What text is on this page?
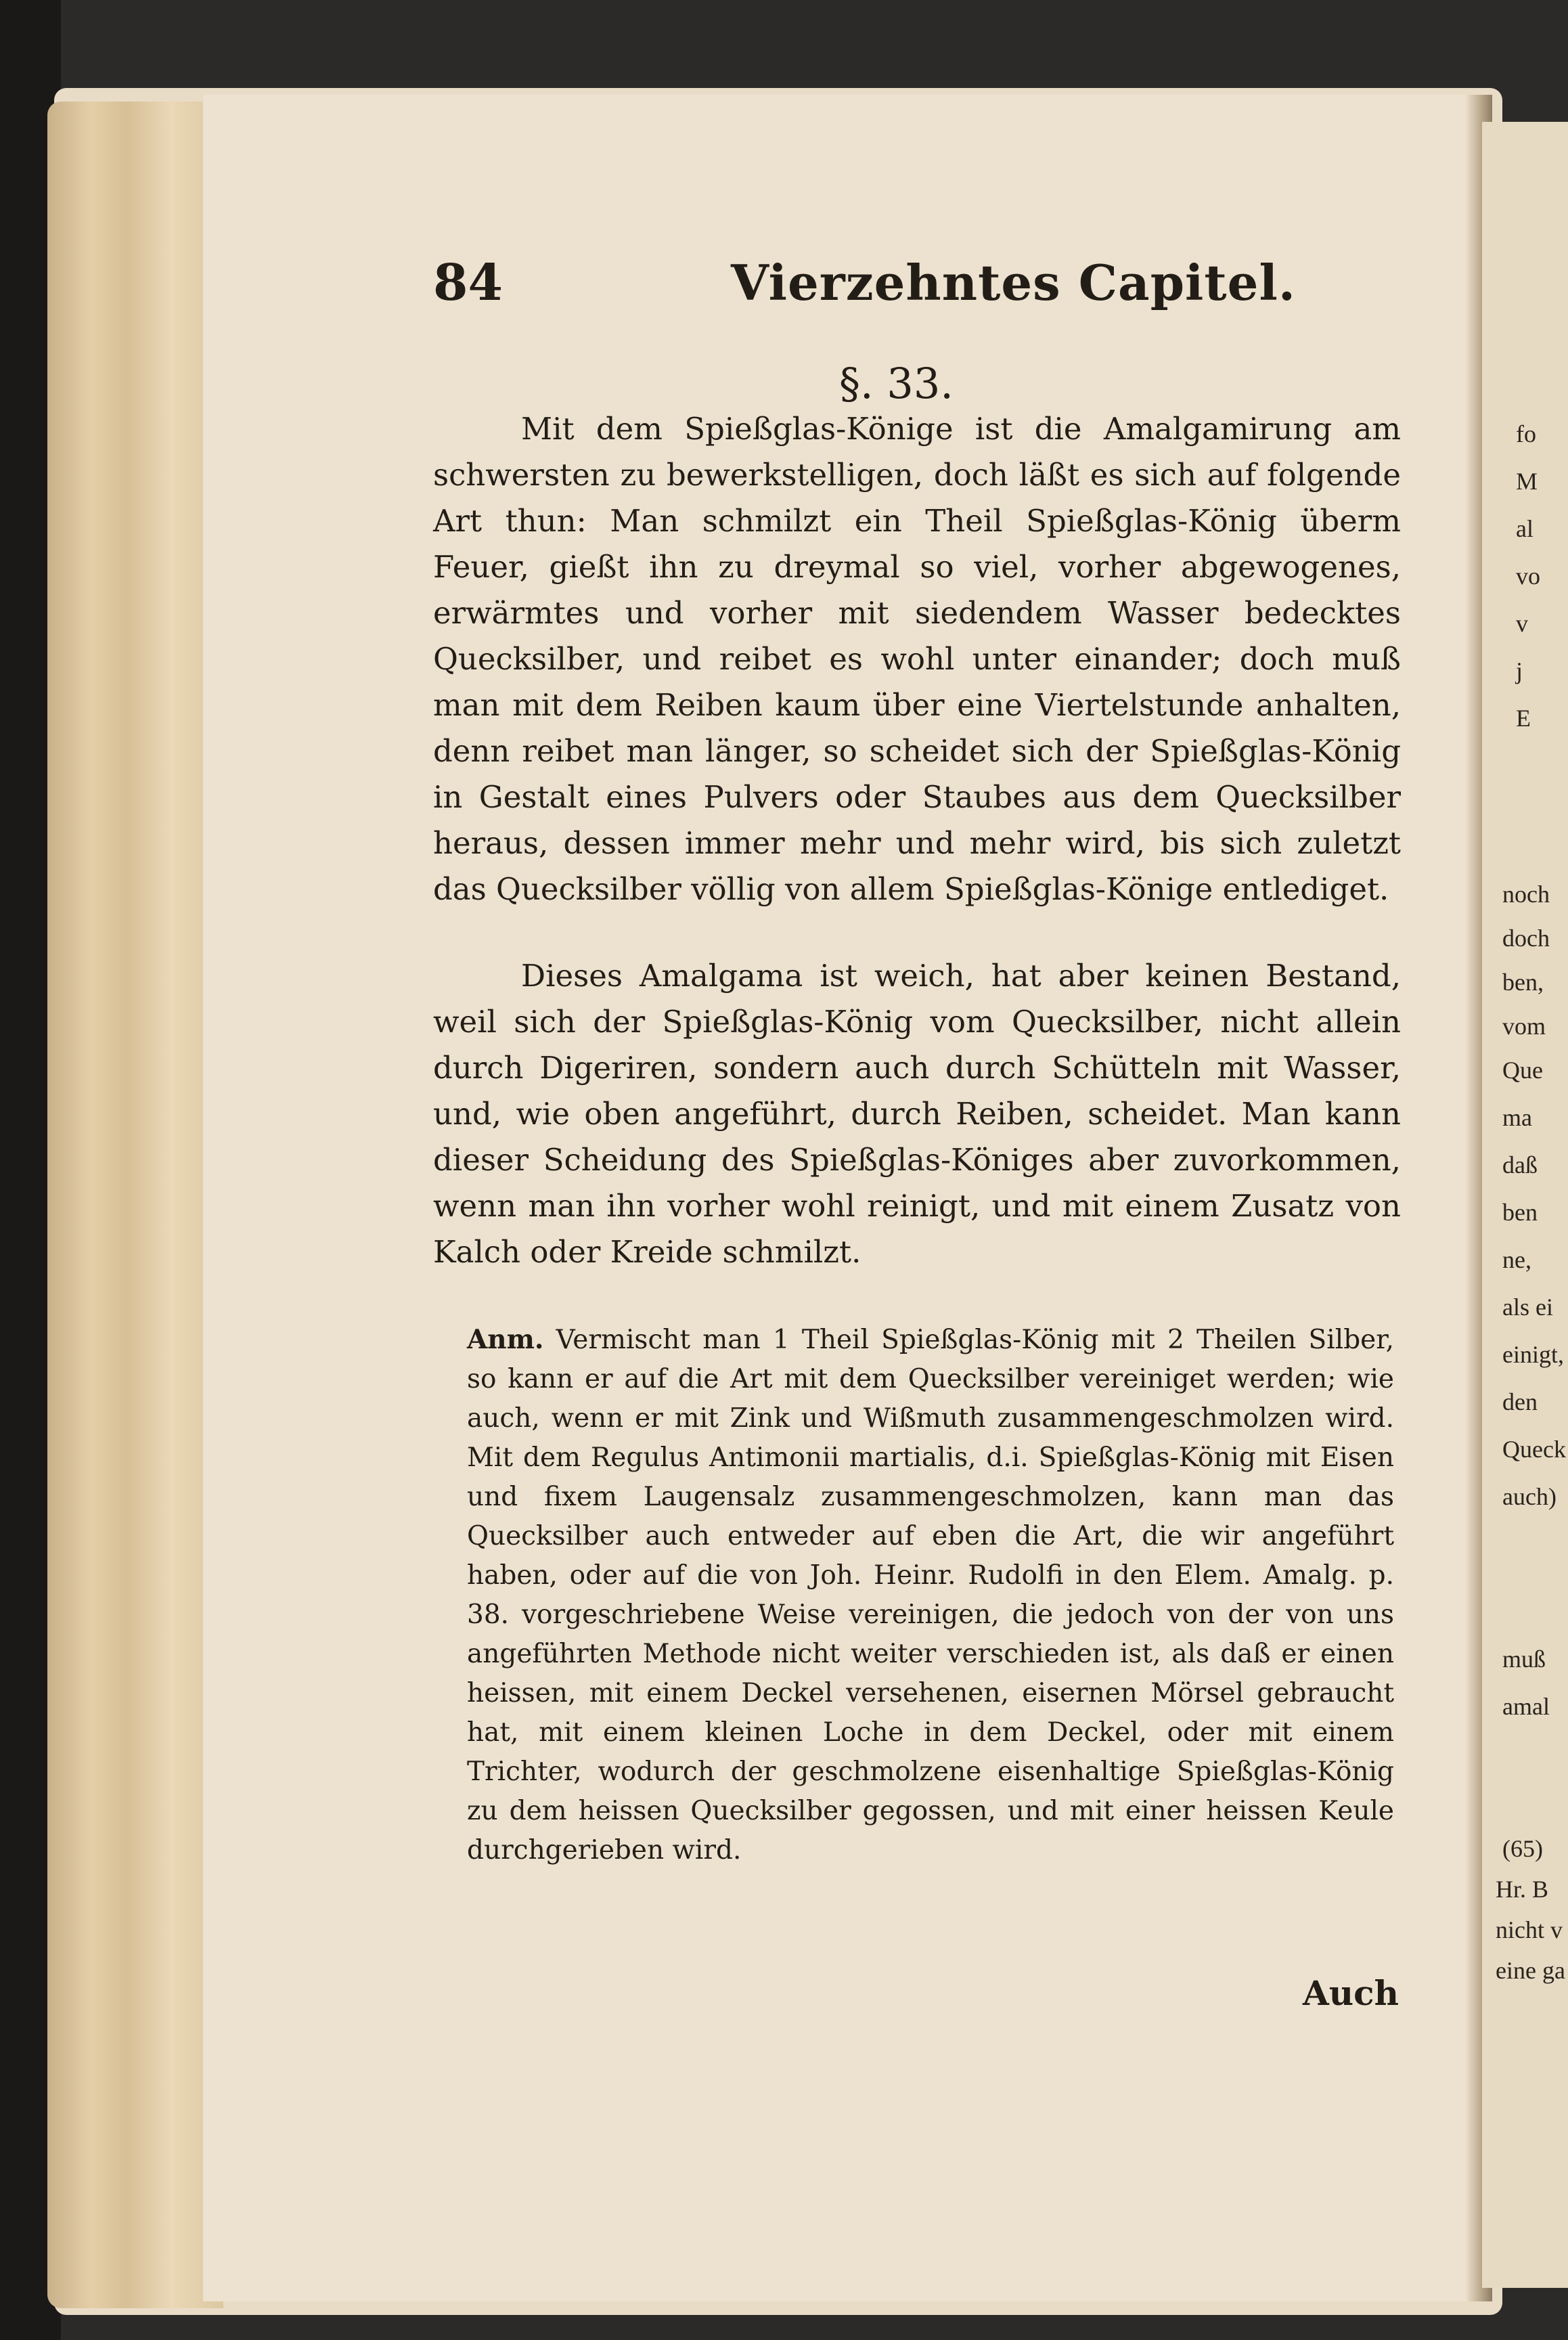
fo
M
al
vo
v
j
E
noch
doch
ben,
vom
Que
ma
daß
ben
ne,
als ei
einigt,
den
Queck
auch)
muß
amal
(65)
Hr. B
nicht v
eine ga
84	Vierzehntes Capitel.
§. 33.

Mit dem Spießglas-Könige ist die Amalgamirung am schwersten zu bewerkstelligen, doch läßt es sich auf folgende Art thun: Man schmilzt ein Theil Spießglas-König überm Feuer, gießt ihn zu dreymal so viel, vorher abgewogenes, erwärmtes und vorher mit siedendem Wasser bedecktes Quecksilber, und reibet es wohl unter einander; doch muß man mit dem Reiben kaum über eine Viertelstunde anhalten, denn reibet man länger, so scheidet sich der Spießglas-König in Gestalt eines Pulvers oder Staubes aus dem Quecksilber heraus, dessen immer mehr und mehr wird, bis sich zuletzt das Quecksilber völlig von allem Spießglas-Könige entlediget.

Dieses Amalgama ist weich, hat aber keinen Bestand, weil sich der Spießglas-König vom Quecksilber, nicht allein durch Digeriren, sondern auch durch Schütteln mit Wasser, und, wie oben angeführt, durch Reiben, scheidet. Man kann dieser Scheidung des Spießglas-Königes aber zuvorkommen, wenn man ihn vorher wohl reinigt, und mit einem Zusatz von Kalch oder Kreide schmilzt.

Anm. Vermischt man 1 Theil Spießglas-König mit 2 Theilen Silber, so kann er auf die Art mit dem Quecksilber vereiniget werden; wie auch, wenn er mit Zink und Wißmuth zusammengeschmolzen wird. Mit dem Regulus Antimonii martialis, d.i. Spießglas-König mit Eisen und fixem Laugensalz zusammengeschmolzen, kann man das Quecksilber auch entweder auf eben die Art, die wir angeführt haben, oder auf die von Joh. Heinr. Rudolfi in den Elem. Amalg. p. 38. vorgeschriebene Weise vereinigen, die jedoch von der von uns angeführten Methode nicht weiter verschieden ist, als daß er einen heissen, mit einem Deckel versehenen, eisernen Mörsel gebraucht hat, mit einem kleinen Loche in dem Deckel, oder mit einem Trichter, wodurch der geschmolzene eisenhaltige Spießglas-König zu dem heissen Quecksilber gegossen, und mit einer heissen Keule durchgerieben wird.
Auch
